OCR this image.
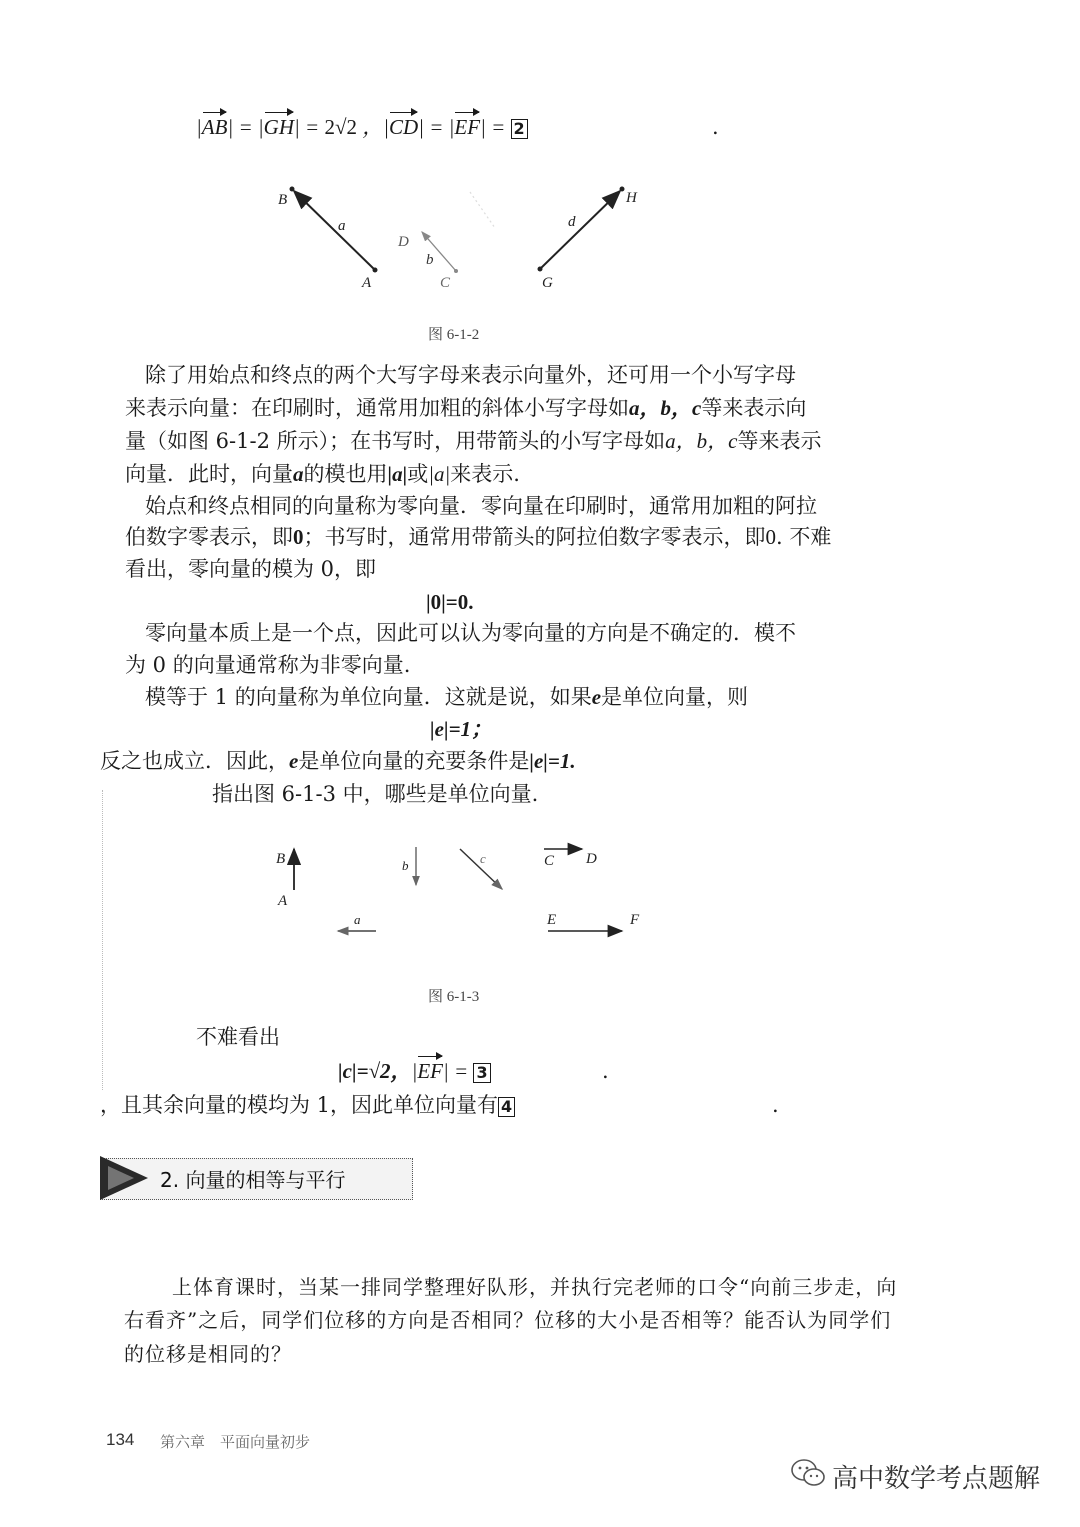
|AB| = |GH| = 2√2 ，|CD| = |EF| = 2	.
B
A
a
D
C
b
d
H
G
图 6-1-2
除了用始点和终点的两个大写字母来表示向量外，还可用一个小写字母
来表示向量：在印刷时，通常用加粗的斜体小写字母如a，b，c等来表示向
量（如图 6-1-2 所示）；在书写时，用带箭头的小写字母如a，b，c等来表示
向量．此时，向量a的模也用|a|或|a|来表示.
始点和终点相同的向量称为零向量．零向量在印刷时，通常用加粗的阿拉
伯数字零表示，即0；书写时，通常用带箭头的阿拉伯数字零表示，即0. 不难
看出，零向量的模为 0，即
|0|=0.
零向量本质上是一个点，因此可以认为零向量的方向是不确定的．模不
为 0 的向量通常称为非零向量.
模等于 1 的向量称为单位向量．这就是说，如果e是单位向量，则
|e|=1；
反之也成立．因此，e是单位向量的充要条件是|e|=1.
指出图 6-1-3 中，哪些是单位向量.
B
A
b	c	C D
a	E	F
图 6-1-3
不难看出
|c|=√2，|EF| = 3	.
，且其余向量的模均为 1，因此单位向量有 4	.
2. 向量的相等与平行
上体育课时，当某一排同学整理好队形，并执行完老师的口令“向前三步走，向
右看齐”之后，同学们位移的方向是否相同？位移的大小是否相等？能否认为同学们
的位移是相同的？
134 第六章　平面向量初步
高中数学考点题解
